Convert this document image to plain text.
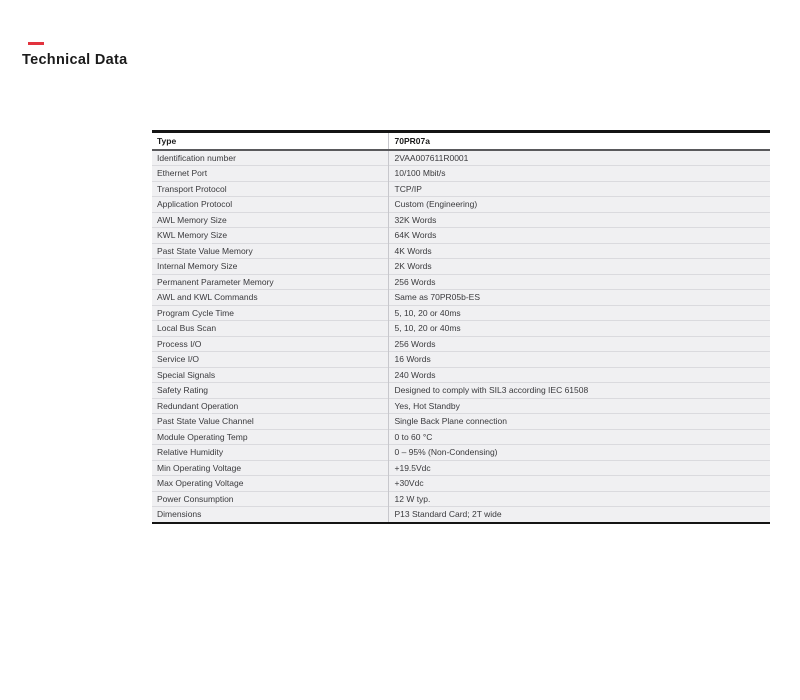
Technical Data
Type	70PR07a
Identification number	2VAA007611R0001
Ethernet Port	10/100 Mbit/s
Transport Protocol	TCP/IP
Application Protocol	Custom (Engineering)
AWL Memory Size	32K Words
KWL Memory Size	64K Words
Past State Value Memory	4K Words
Internal Memory Size	2K Words
Permanent Parameter Memory	256 Words
AWL and KWL Commands	Same as 70PR05b-ES
Program Cycle Time	5, 10, 20 or 40ms
Local Bus Scan	5, 10, 20 or 40ms
Process I/O	256 Words
Service I/O	16 Words
Special Signals	240 Words
Safety Rating	Designed to comply with SIL3 according IEC 61508
Redundant Operation	Yes, Hot Standby
Past State Value Channel	Single Back Plane connection
Module Operating Temp	0 to 60 °C
Relative Humidity	0 – 95% (Non-Condensing)
Min Operating Voltage	+19.5Vdc
Max Operating Voltage	+30Vdc
Power Consumption	12 W typ.
Dimensions	P13 Standard Card; 2T wide
